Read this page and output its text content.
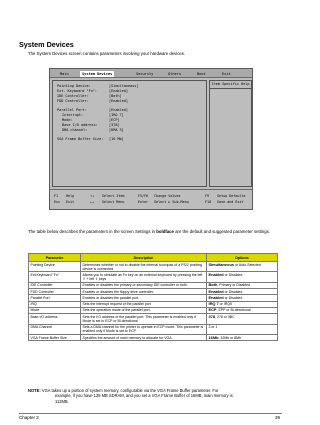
System Devices
The System Devices screen contains parameters involving your hardware devices.
Main	System Devices	Security	Others	Boot	Exit
Pointing Device:	[Simultaneous]
Ext. Keyboard "Fn":	[Enabled]
IDE Controller:	[Both]
FDD Controller:	[Enabled]
Parallel Port:	[Enabled]
Interrupt:	[IRQ 7]
Mode:	[ECP]
Base I/O address:	[378]
DMA channel:	[DMA 3]
VGA Frame Buffer Size: [16 Mb]
Item Specific Help
F1 Help	↑↓ Select Item	F5/F6 Change Values	F9 Setup Defaults
Esc Exit	←→ Select Menu	Enter Select ► Sub-Menu	F10 Save and Exit
The table below describes the parameters in the screen Settings in boldface are the default and suggested parameter settings.
Parameter	Description	Options
Pointing Device	Determines whether or not to disable the internal touchpad of a PS/2 pointing device is connected	Simultaneous or Auto-Selected
Ext.Keyboard "Fn"	Allows you to simulate an Fn key on an external keyboard by pressing the left ⇧ + left ⇧ keys	Enabled or Disabled
IDE Controller	Enables or disables the primary or secondary IDE controller or both.	Both, Primary or Disabled
FDD Controller	Enables or disables the floppy drive controller.	Enabled or Disabled
Parallel Port	Enables or disables the parallel port.	Enabled or Disabled
IRQ	Sets the interrupt request of the parallel port	IRQ 7 or IRQ5
Mode	Sets the operation mode of the parallel port.	ECP, EPP or Bi-directional
Base I/O address	Sets the I/O address of the parallel port. This parameter is enabled only if Mode is set to ECP or Bi-directional	378, 278 or 3BC
DMA Channel	Sets a DMA channel for the printer to operate in ECP mode. This parameter is enabled only if Mode is set to ECP	3 or 1
VGA Frame Buffer Size	Specifies the amount of main memory to allocate for VGA.	16Mb, 32Mb or 8Mb
NOTE: VGA takes up a portion of system memory, configurable via the VGA Frame Buffer parameter. For
example, if you have 128 MB SDRAM, and you set a VGA Frame Buffer of 16MB, main memory is
112MB.
Chapter 2	39
